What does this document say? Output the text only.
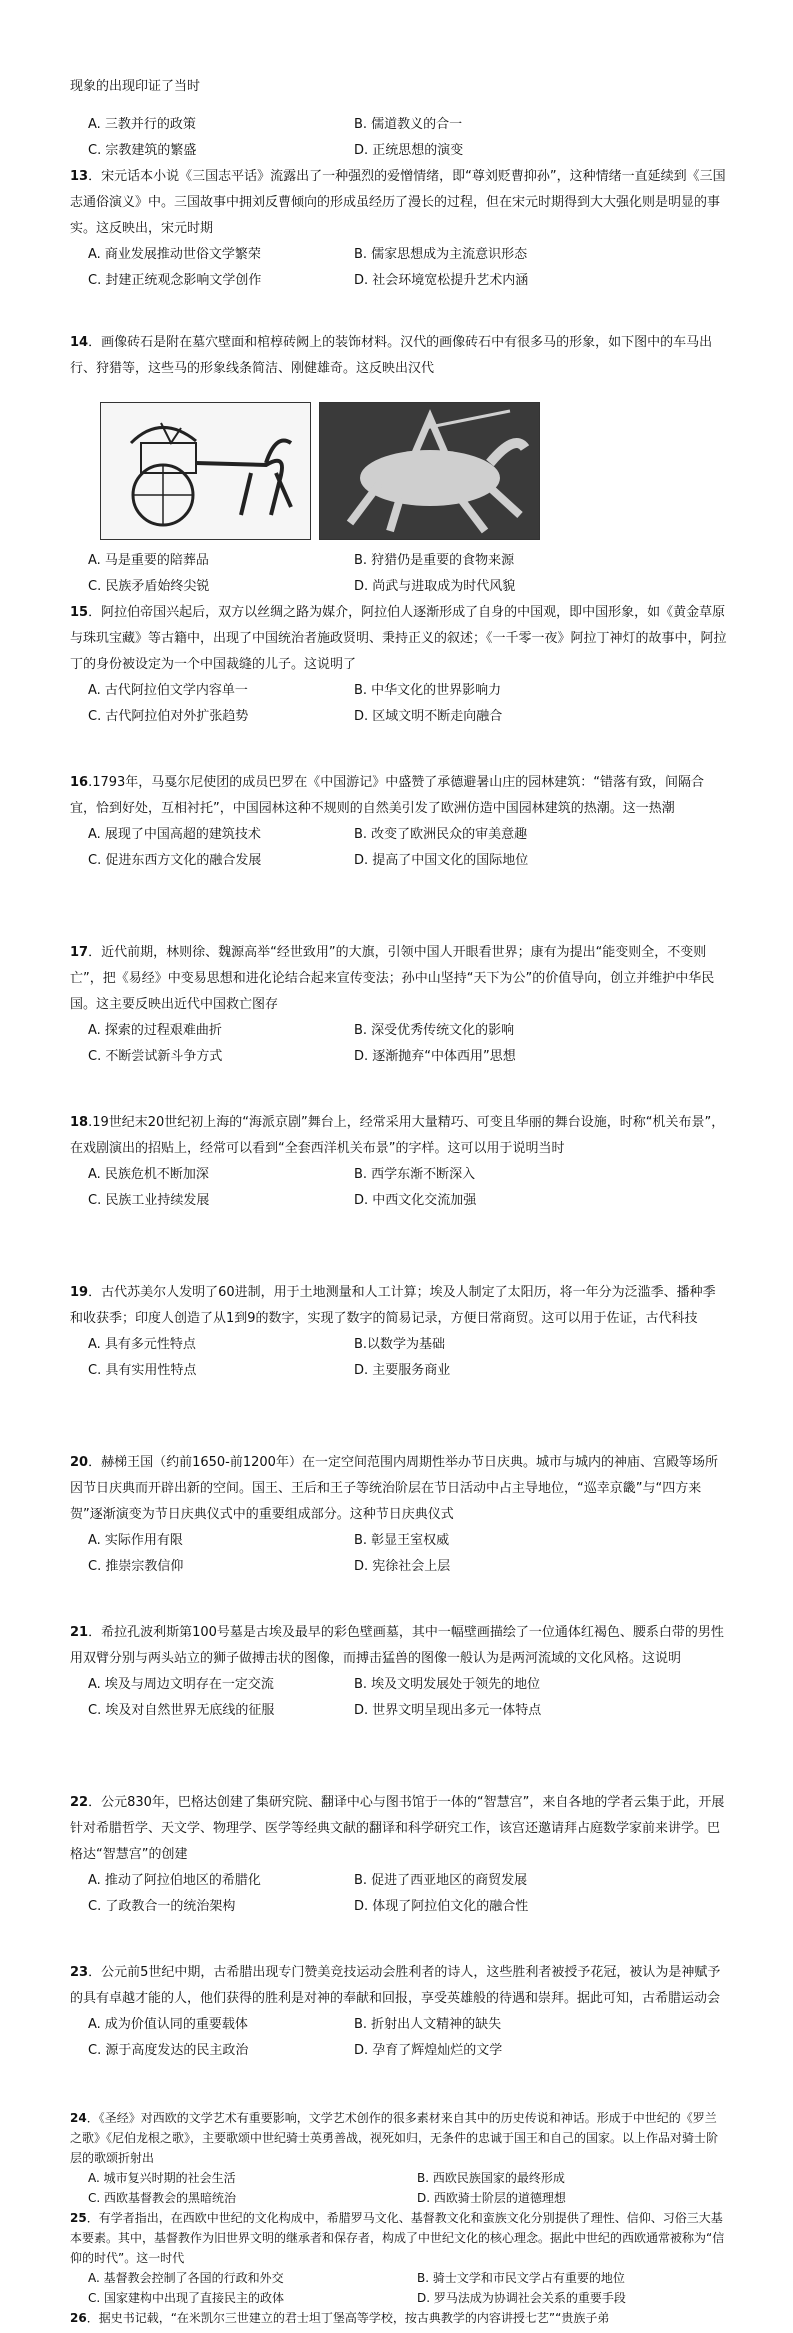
现象的出现印证了当时

A. 三教并行的政策	B. 儒道教义的合一
C. 宗教建筑的繁盛	D. 正统思想的演变

13．宋元话本小说《三国志平话》流露出了一种强烈的爱憎情绪，即“尊刘贬曹抑孙”，这种情绪一直延续到《三国志通俗演义》中。三国故事中拥刘反曹倾向的形成虽经历了漫长的过程，但在宋元时期得到大大强化则是明显的事实。这反映出，宋元时期

A. 商业发展推动世俗文学繁荣	B. 儒家思想成为主流意识形态
C. 封建正统观念影响文学创作	D. 社会环境宽松提升艺术内涵

14．画像砖石是附在墓穴壁面和棺椁砖阙上的装饰材料。汉代的画像砖石中有很多马的形象，如下图中的车马出行、狩猎等，这些马的形象线条简洁、刚健雄奇。这反映出汉代

A. 马是重要的陪葬品	B. 狩猎仍是重要的食物来源
C. 民族矛盾始终尖锐	D. 尚武与进取成为时代风貌

15．阿拉伯帝国兴起后，双方以丝绸之路为媒介，阿拉伯人逐渐形成了自身的中国观，即中国形象，如《黄金草原与珠玑宝藏》等古籍中，出现了中国统治者施政贤明、秉持正义的叙述；《一千零一夜》阿拉丁神灯的故事中，阿拉丁的身份被设定为一个中国裁缝的儿子。这说明了

A. 古代阿拉伯文学内容单一	B. 中华文化的世界影响力
C. 古代阿拉伯对外扩张趋势	D. 区域文明不断走向融合

16.1793年，马戛尔尼使团的成员巴罗在《中国游记》中盛赞了承德避暑山庄的园林建筑：“错落有致，间隔合宜，恰到好处，互相衬托”，中国园林这种不规则的自然美引发了欧洲仿造中国园林建筑的热潮。这一热潮

A. 展现了中国高超的建筑技术	B. 改变了欧洲民众的审美意趣
C. 促进东西方文化的融合发展	D. 提高了中国文化的国际地位

17．近代前期，林则徐、魏源高举“经世致用”的大旗，引领中国人开眼看世界；康有为提出“能变则全，不变则亡”，把《易经》中变易思想和进化论结合起来宣传变法；孙中山坚持“天下为公”的价值导向，创立并维护中华民国。这主要反映出近代中国救亡图存

A. 探索的过程艰难曲折	B. 深受优秀传统文化的影响
C. 不断尝试新斗争方式	D. 逐渐抛弃“中体西用”思想

18.19世纪末20世纪初上海的“海派京剧”舞台上，经常采用大量精巧、可变且华丽的舞台设施，时称“机关布景”，在戏剧演出的招贴上，经常可以看到“全套西洋机关布景”的字样。这可以用于说明当时

A. 民族危机不断加深	B. 西学东渐不断深入
C. 民族工业持续发展	D. 中西文化交流加强

19．古代苏美尔人发明了60进制，用于土地测量和人工计算；埃及人制定了太阳历，将一年分为泛滥季、播种季和收获季；印度人创造了从1到9的数字，实现了数字的简易记录，方便日常商贸。这可以用于佐证，古代科技

A. 具有多元性特点	B.以数学为基础
C. 具有实用性特点	D. 主要服务商业

20．赫梯王国（约前1650-前1200年）在一定空间范围内周期性举办节日庆典。城市与城内的神庙、宫殿等场所因节日庆典而开辟出新的空间。国王、王后和王子等统治阶层在节日活动中占主导地位，“巡幸京畿”与“四方来贺”逐渐演变为节日庆典仪式中的重要组成部分。这种节日庆典仪式

A. 实际作用有限	B. 彰显王室权威
C. 推崇宗教信仰	D. 宪徐社会上层

21．希拉孔波利斯第100号墓是古埃及最早的彩色壁画墓，其中一幅壁画描绘了一位通体红褐色、腰系白带的男性用双臂分别与两头站立的狮子做搏击状的图像，而搏击猛兽的图像一般认为是两河流域的文化风格。这说明

A. 埃及与周边文明存在一定交流	B. 埃及文明发展处于领先的地位
C. 埃及对自然世界无底线的征服	D. 世界文明呈现出多元一体特点

22．公元830年，巴格达创建了集研究院、翻译中心与图书馆于一体的“智慧宫”，来自各地的学者云集于此，开展针对希腊哲学、天文学、物理学、医学等经典文献的翻译和科学研究工作，该宫还邀请拜占庭数学家前来讲学。巴格达“智慧宫”的创建

A. 推动了阿拉伯地区的希腊化	B. 促进了西亚地区的商贸发展
C. 了政教合一的统治架构	D. 体现了阿拉伯文化的融合性

23．公元前5世纪中期，古希腊出现专门赞美竞技运动会胜利者的诗人，这些胜利者被授予花冠，被认为是神赋予的具有卓越才能的人，他们获得的胜利是对神的奉献和回报，享受英雄般的待遇和崇拜。据此可知，古希腊运动会

A. 成为价值认同的重要载体	B. 折射出人文精神的缺失
C. 源于高度发达的民主政治	D. 孕育了辉煌灿烂的文学

24．《圣经》对西欧的文学艺术有重要影响，文学艺术创作的很多素材来自其中的历史传说和神话。形成于中世纪的《罗兰之歌》《尼伯龙根之歌》，主要歌颂中世纪骑士英勇善战，视死如归，无条件的忠诚于国王和自己的国家。以上作品对骑士阶层的歌颂折射出

A. 城市复兴时期的社会生活	B. 西欧民族国家的最终形成
C. 西欧基督教会的黑暗统治	D. 西欧骑士阶层的道德理想

25．有学者指出，在西欧中世纪的文化构成中，希腊罗马文化、基督教文化和蛮族文化分别提供了理性、信仰、习俗三大基本要素。其中，基督教作为旧世界文明的继承者和保存者，构成了中世纪文化的核心理念。据此中世纪的西欧通常被称为“信仰的时代”。这一时代

A. 基督教会控制了各国的行政和外交	B. 骑士文学和市民文学占有重要的地位
C. 国家建构中出现了直接民主的政体	D. 罗马法成为协调社会关系的重要手段

26．据史书记载，“在米凯尔三世建立的君士坦丁堡高等学校，按古典教学的内容讲授七艺”“贵族子弟
